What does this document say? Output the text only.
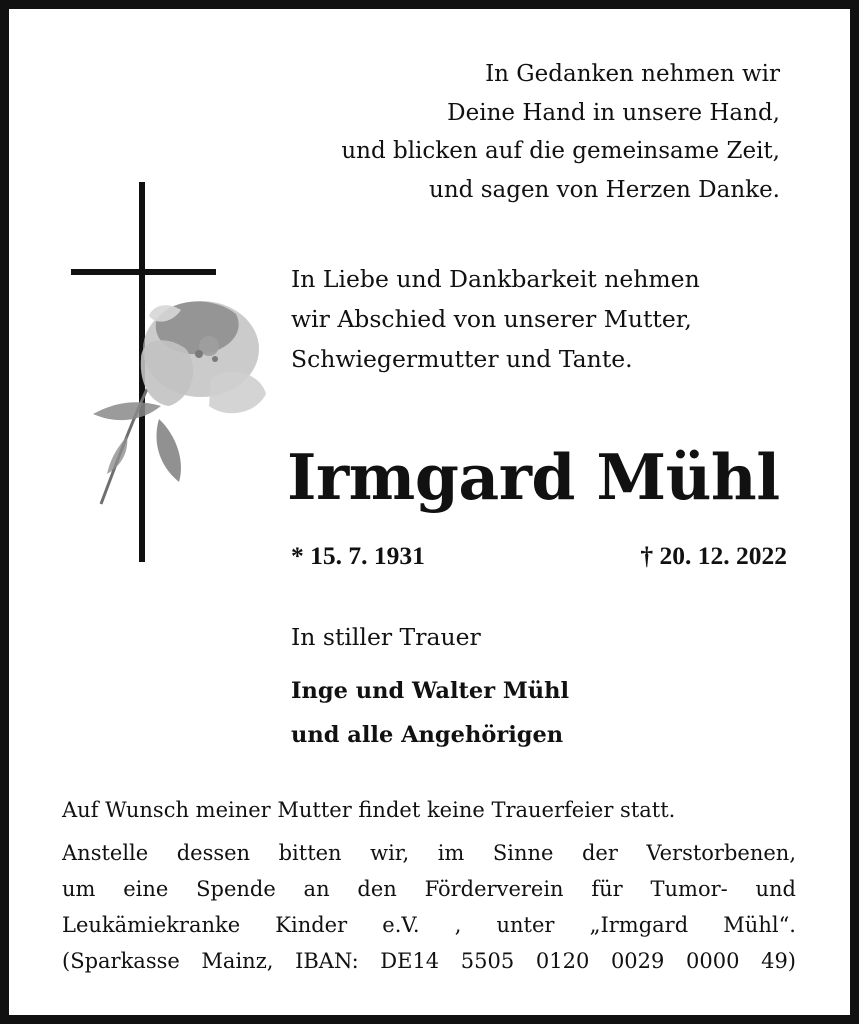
In Gedanken nehmen wir
Deine Hand in unsere Hand,
und blicken auf die gemeinsame Zeit,
und sagen von Herzen Danke.
In Liebe und Dankbarkeit nehmen
wir Abschied von unserer Mutter,
Schwiegermutter und Tante.
Irmgard Mühl
* 15. 7. 1931	† 20. 12. 2022
In stiller Trauer
Inge und Walter Mühl
und alle Angehörigen
Auf Wunsch meiner Mutter findet keine Trauerfeier statt.
Anstelle dessen bitten wir, im Sinne der Verstorbenen,
um eine Spende an den Förderverein für Tumor- und
Leukämiekranke Kinder e.V. , unter „Irmgard Mühl“.
(Sparkasse Mainz, IBAN: DE14 5505 0120 0029 0000 49)
